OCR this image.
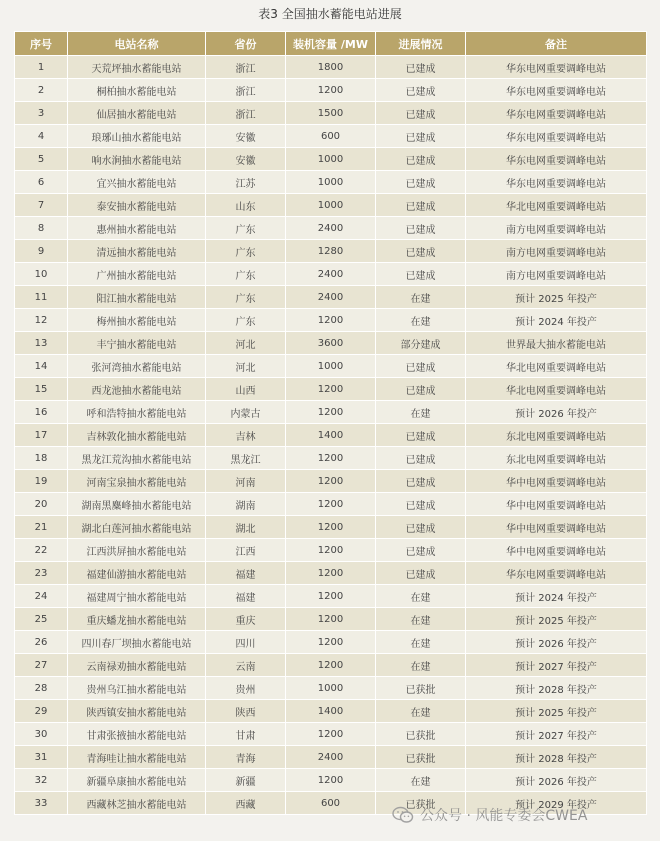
表3 全国抽水蓄能电站进展
序号	电站名称	省份	装机容量 /MW	进展情况	备注
1	天荒坪抽水蓄能电站	浙江	1800	已建成	华东电网重要调峰电站
2	桐柏抽水蓄能电站	浙江	1200	已建成	华东电网重要调峰电站
3	仙居抽水蓄能电站	浙江	1500	已建成	华东电网重要调峰电站
4	琅琊山抽水蓄能电站	安徽	600	已建成	华东电网重要调峰电站
5	响水涧抽水蓄能电站	安徽	1000	已建成	华东电网重要调峰电站
6	宜兴抽水蓄能电站	江苏	1000	已建成	华东电网重要调峰电站
7	泰安抽水蓄能电站	山东	1000	已建成	华北电网重要调峰电站
8	惠州抽水蓄能电站	广东	2400	已建成	南方电网重要调峰电站
9	清远抽水蓄能电站	广东	1280	已建成	南方电网重要调峰电站
10	广州抽水蓄能电站	广东	2400	已建成	南方电网重要调峰电站
11	阳江抽水蓄能电站	广东	2400	在建	预计 2025 年投产
12	梅州抽水蓄能电站	广东	1200	在建	预计 2024 年投产
13	丰宁抽水蓄能电站	河北	3600	部分建成	世界最大抽水蓄能电站
14	张河湾抽水蓄能电站	河北	1000	已建成	华北电网重要调峰电站
15	西龙池抽水蓄能电站	山西	1200	已建成	华北电网重要调峰电站
16	呼和浩特抽水蓄能电站	内蒙古	1200	在建	预计 2026 年投产
17	吉林敦化抽水蓄能电站	吉林	1400	已建成	东北电网重要调峰电站
18	黑龙江荒沟抽水蓄能电站	黑龙江	1200	已建成	东北电网重要调峰电站
19	河南宝泉抽水蓄能电站	河南	1200	已建成	华中电网重要调峰电站
20	湖南黑麋峰抽水蓄能电站	湖南	1200	已建成	华中电网重要调峰电站
21	湖北白莲河抽水蓄能电站	湖北	1200	已建成	华中电网重要调峰电站
22	江西洪屏抽水蓄能电站	江西	1200	已建成	华中电网重要调峰电站
23	福建仙游抽水蓄能电站	福建	1200	已建成	华东电网重要调峰电站
24	福建周宁抽水蓄能电站	福建	1200	在建	预计 2024 年投产
25	重庆蟠龙抽水蓄能电站	重庆	1200	在建	预计 2025 年投产
26	四川春厂坝抽水蓄能电站	四川	1200	在建	预计 2026 年投产
27	云南禄劝抽水蓄能电站	云南	1200	在建	预计 2027 年投产
28	贵州乌江抽水蓄能电站	贵州	1000	已获批	预计 2028 年投产
29	陕西镇安抽水蓄能电站	陕西	1400	在建	预计 2025 年投产
30	甘肃张掖抽水蓄能电站	甘肃	1200	已获批	预计 2027 年投产
31	青海哇让抽水蓄能电站	青海	2400	已获批	预计 2028 年投产
32	新疆阜康抽水蓄能电站	新疆	1200	在建	预计 2026 年投产
33	西藏林芝抽水蓄能电站	西藏	600	已获批	预计 2029 年投产
公众号 · 风能专委会CWEA
